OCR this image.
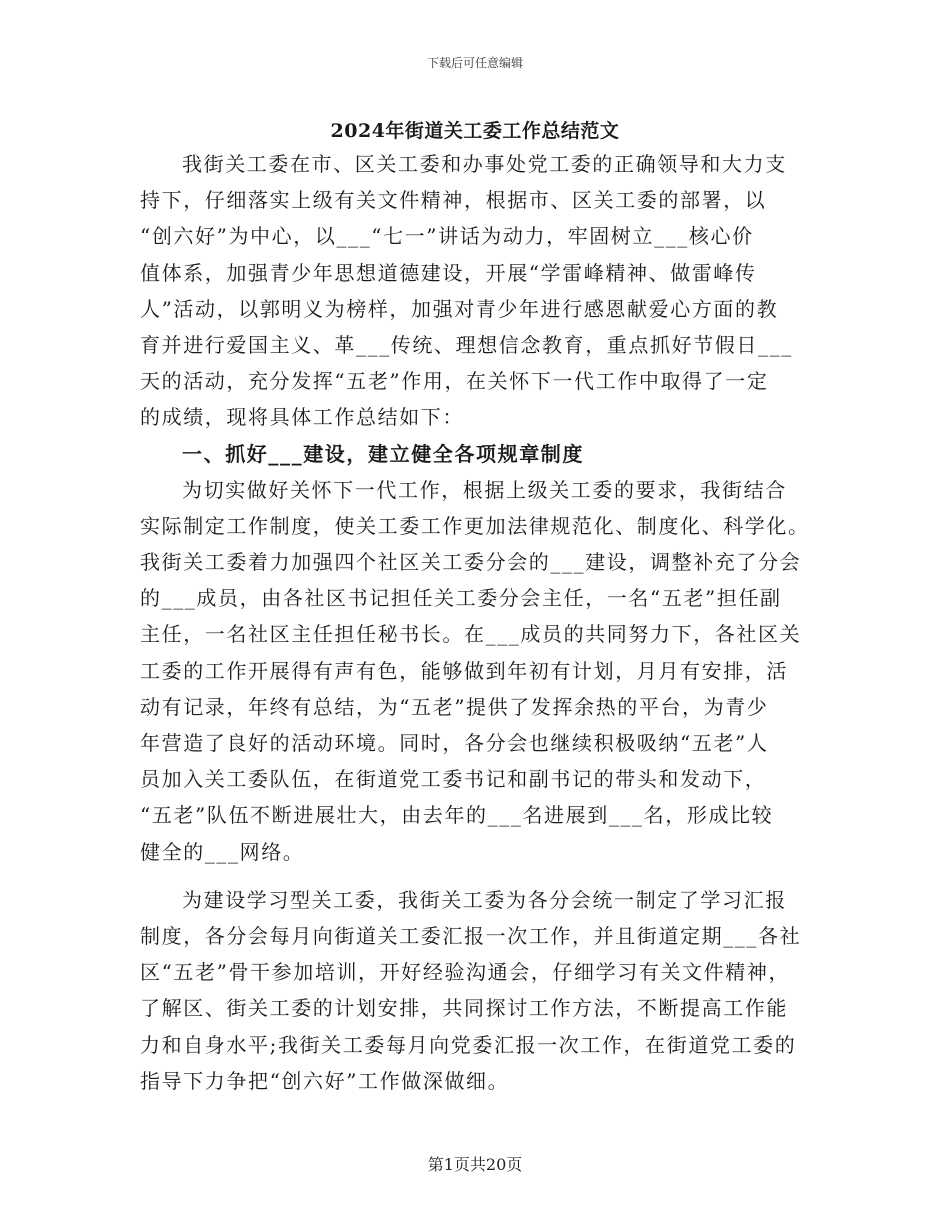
下载后可任意编辑
2024年街道关工委工作总结范文
我街关工委在市、区关工委和办事处党工委的正确领导和大力支
持下，仔细落实上级有关文件精神，根据市、区关工委的部署，以
“创六好”为中心，以___“七一”讲话为动力，牢固树立___核心价
值体系，加强青少年思想道德建设，开展“学雷峰精神、做雷峰传
人”活动，以郭明义为榜样，加强对青少年进行感恩献爱心方面的教
育并进行爱国主义、革___传统、理想信念教育，重点抓好节假日___
天的活动，充分发挥“五老”作用，在关怀下一代工作中取得了一定
的成绩，现将具体工作总结如下：
一、抓好___建设，建立健全各项规章制度
为切实做好关怀下一代工作，根据上级关工委的要求，我街结合
实际制定工作制度，使关工委工作更加法律规范化、制度化、科学化。
我街关工委着力加强四个社区关工委分会的___建设，调整补充了分会
的___成员，由各社区书记担任关工委分会主任，一名“五老”担任副
主任，一名社区主任担任秘书长。在___成员的共同努力下，各社区关
工委的工作开展得有声有色，能够做到年初有计划，月月有安排，活
动有记录，年终有总结，为“五老”提供了发挥余热的平台，为青少
年营造了良好的活动环境。同时，各分会也继续积极吸纳“五老”人
员加入关工委队伍，在街道党工委书记和副书记的带头和发动下，
“五老”队伍不断进展壮大，由去年的___名进展到___名，形成比较
健全的___网络。
为建设学习型关工委，我街关工委为各分会统一制定了学习汇报
制度，各分会每月向街道关工委汇报一次工作，并且街道定期___各社
区“五老”骨干参加培训，开好经验沟通会，仔细学习有关文件精神，
了解区、街关工委的计划安排，共同探讨工作方法，不断提高工作能
力和自身水平;我街关工委每月向党委汇报一次工作，在街道党工委的
指导下力争把“创六好”工作做深做细。
第1页共20页
